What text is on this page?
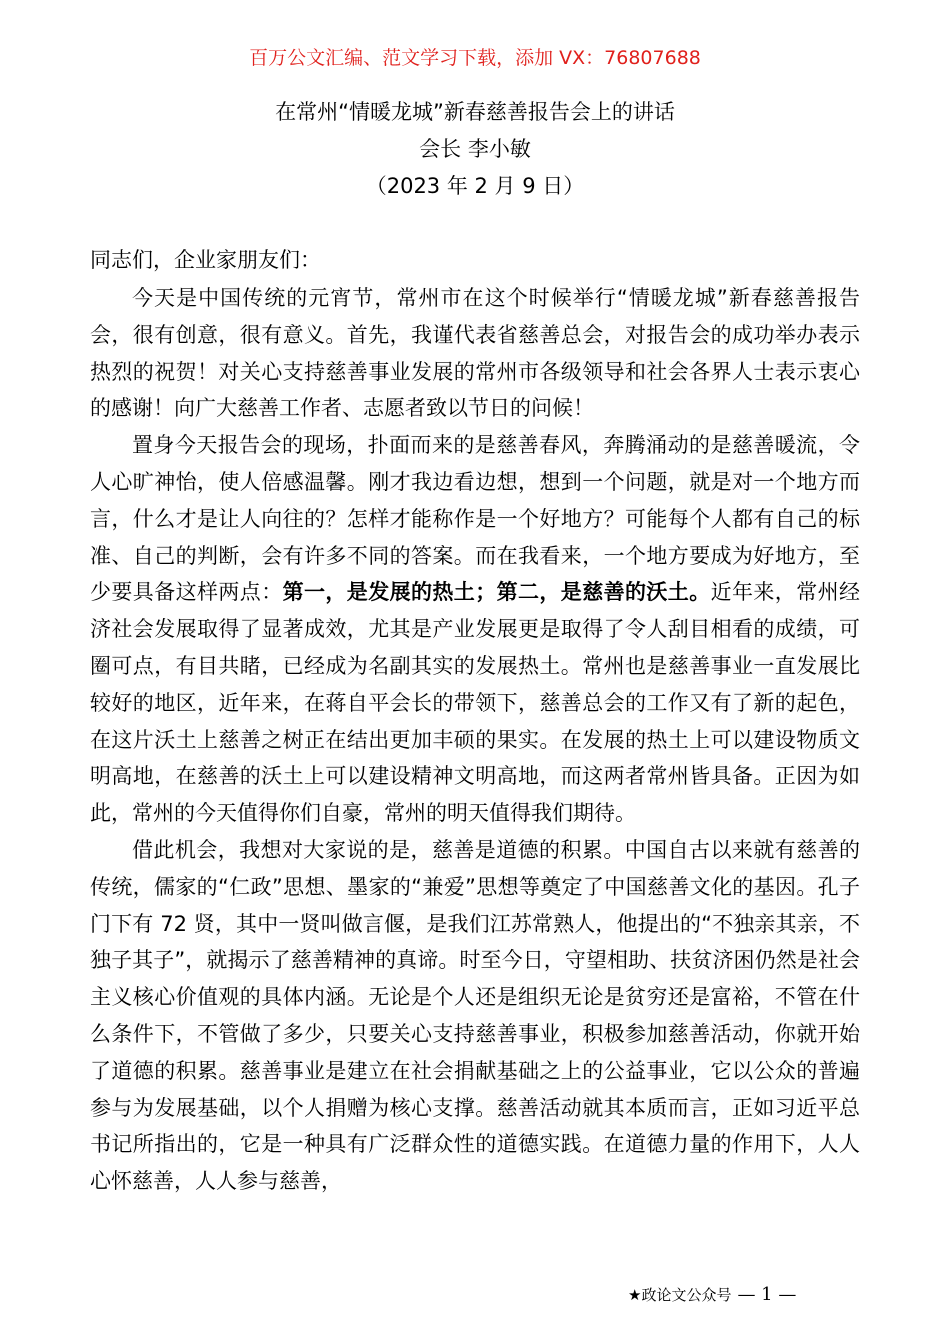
百万公文汇编、范文学习下载，添加 VX：76807688
在常州“情暖龙城”新春慈善报告会上的讲话
会长 李小敏
（2023 年 2 月 9 日）
同志们，企业家朋友们：

今天是中国传统的元宵节，常州市在这个时候举行“情暖龙城”新春慈善报告会，很有创意，很有意义。首先，我谨代表省慈善总会，对报告会的成功举办表示热烈的祝贺！对关心支持慈善事业发展的常州市各级领导和社会各界人士表示衷心的感谢！向广大慈善工作者、志愿者致以节日的问候！

置身今天报告会的现场，扑面而来的是慈善春风，奔腾涌动的是慈善暖流，令人心旷神怡，使人倍感温馨。刚才我边看边想，想到一个问题，就是对一个地方而言，什么才是让人向往的？怎样才能称作是一个好地方？可能每个人都有自己的标准、自己的判断，会有许多不同的答案。而在我看来，一个地方要成为好地方，至少要具备这样两点：第一，是发展的热土；第二，是慈善的沃土。近年来，常州经济社会发展取得了显著成效，尤其是产业发展更是取得了令人刮目相看的成绩，可圈可点，有目共睹，已经成为名副其实的发展热土。常州也是慈善事业一直发展比较好的地区，近年来，在蒋自平会长的带领下，慈善总会的工作又有了新的起色，在这片沃土上慈善之树正在结出更加丰硕的果实。在发展的热土上可以建设物质文明高地，在慈善的沃土上可以建设精神文明高地，而这两者常州皆具备。正因为如此，常州的今天值得你们自豪，常州的明天值得我们期待。

借此机会，我想对大家说的是，慈善是道德的积累。中国自古以来就有慈善的传统，儒家的“仁政”思想、墨家的“兼爱”思想等奠定了中国慈善文化的基因。孔子门下有 72 贤，其中一贤叫做言偃，是我们江苏常熟人，他提出的“不独亲其亲，不独子其子”，就揭示了慈善精神的真谛。时至今日，守望相助、扶贫济困仍然是社会主义核心价值观的具体内涵。无论是个人还是组织无论是贫穷还是富裕，不管在什么条件下，不管做了多少，只要关心支持慈善事业，积极参加慈善活动，你就开始了道德的积累。慈善事业是建立在社会捐献基础之上的公益事业，它以公众的普遍参与为发展基础，以个人捐赠为核心支撑。慈善活动就其本质而言，正如习近平总书记所指出的，它是一种具有广泛群众性的道德实践。在道德力量的作用下，人人心怀慈善，人人参与慈善，

★政论文公众号 — 1 —
